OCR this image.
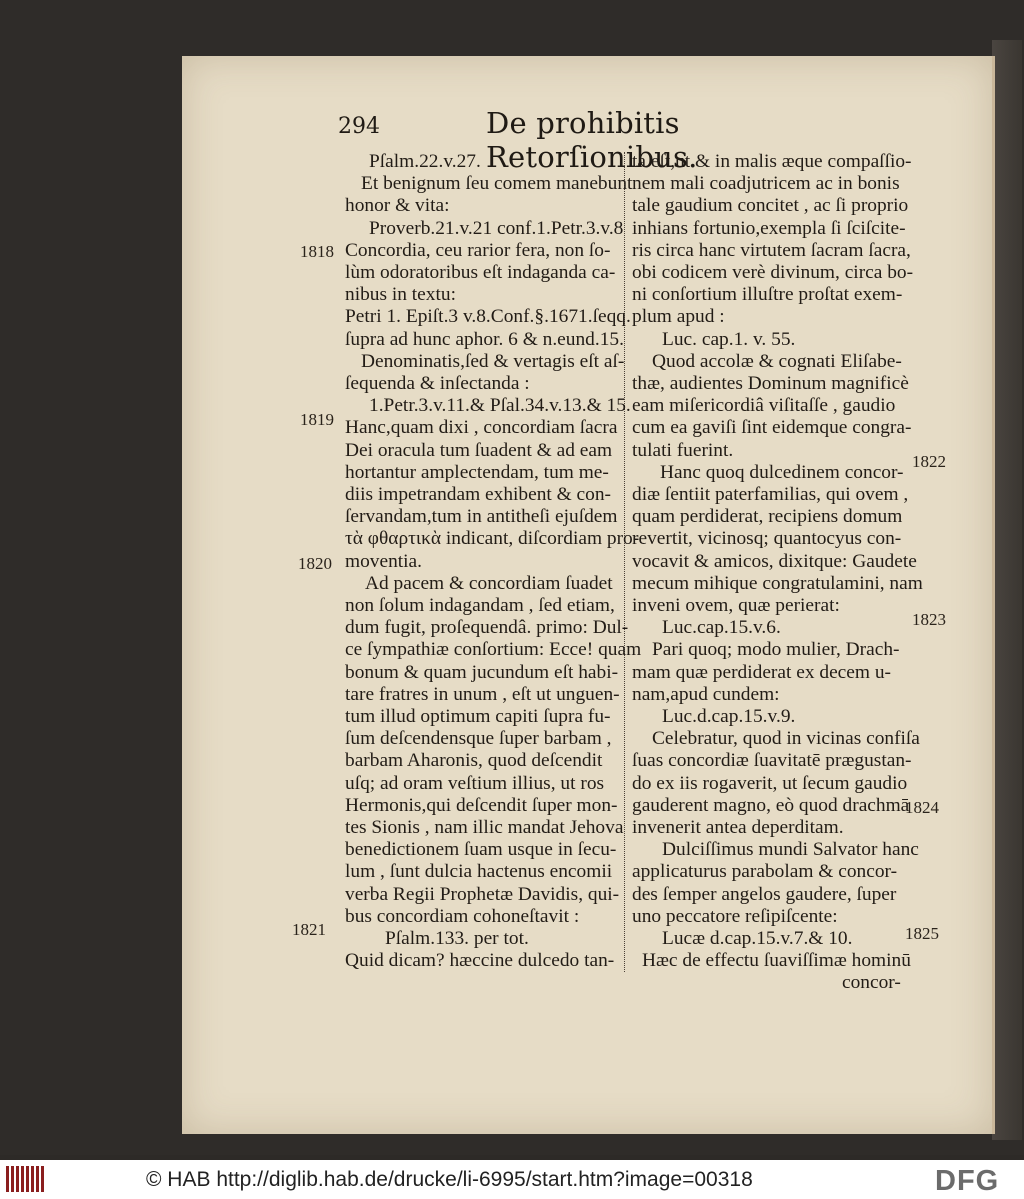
294	De prohibitis Retorſionibus.
Pſalm.22.v.27.
Et benignum ſeu comem manebunt
honor & vita:
Proverb.21.v.21 conf.1.Petr.3.v.8
Concordia, ceu rarior fera, non ſo-
lùm odoratoribus eſt indaganda ca-
nibus in textu:
Petri 1. Epiſt.3 v.8.Conf.§.1671.ſeqq.
ſupra ad hunc aphor. 6 & n.eund.15.
Denominatis,ſed & vertagis eſt aſ-
ſequenda & inſectanda :
1.Petr.3.v.11.& Pſal.34.v.13.& 15.
Hanc,quam dixi , concordiam ſacra
Dei oracula tum ſuadent & ad eam
hortantur amplectendam, tum me-
diis impetrandam exhibent & con-
ſervandam,tum in antitheſi ejuſdem
τὰ φθαρτικὰ indicant, diſcordiam pro-
moventia.
Ad pacem & concordiam ſuadet
non ſolum indagandam , ſed etiam,
dum fugit, proſequendâ. primo: Dul-
ce ſympathiæ conſortium: Ecce! quam
bonum & quam jucundum eſt habi-
tare fratres in unum , eſt ut unguen-
tum illud optimum capiti ſupra fu-
ſum deſcendensque ſuper barbam ,
barbam Aharonis, quod deſcendit
uſq; ad oram veſtium illius, ut ros
Hermonis,qui deſcendit ſuper mon-
tes Sionis , nam illic mandat Jehova
benedictionem ſuam usque in ſecu-
lum , ſunt dulcia hactenus encomii
verba Regii Prophetæ Davidis, qui-
bus concordiam cohoneſtavit :
Pſalm.133. per tot.
Quid dicam? hæccine dulcedo tan-
ta eſt,ut & in malis æque compaſſio-
nem mali coadjutricem ac in bonis
tale gaudium concitet , ac ſi proprio
inhians fortunio,exempla ſi ſciſcite-
ris circa hanc virtutem ſacram ſacra,
obi codicem verè divinum, circa bo-
ni conſortium illuſtre proſtat exem-
plum apud :
Luc. cap.1. v. 55.
Quod accolæ & cognati Eliſabe-
thæ, audientes Dominum magnificè
eam miſericordiâ viſitaſſe , gaudio
cum ea gaviſi ſint eidemque congra-
tulati fuerint.
Hanc quoq dulcedinem concor-
diæ ſentiit paterfamilias, qui ovem ,
quam perdiderat, recipiens domum
revertit, vicinosq; quantocyus con-
vocavit & amicos, dixitque: Gaudete
mecum mihique congratulamini, nam
inveni ovem, quæ perierat:
Luc.cap.15.v.6.
Pari quoq; modo mulier, Drach-
mam quæ perdiderat ex decem u-
nam,apud cundem:
Luc.d.cap.15.v.9.
Celebratur, quod in vicinas confiſa
ſuas concordiæ ſuavitatē prægustan-
do ex iis rogaverit, ut ſecum gaudio
gauderent magno, eò quod drachmā
invenerit antea deperditam.
Dulciſſimus mundi Salvator hanc
applicaturus parabolam & concor-
des ſemper angelos gaudere, ſuper
uno peccatore reſipiſcente:
Lucæ d.cap.15.v.7.& 10.
Hæc de effectu ſuaviſſimæ hominū
concor-
1818
1819
1820
1821
1822
1823
1824
1825
© HAB http://diglib.hab.de/drucke/li-6995/start.htm?image=00318	DFG
